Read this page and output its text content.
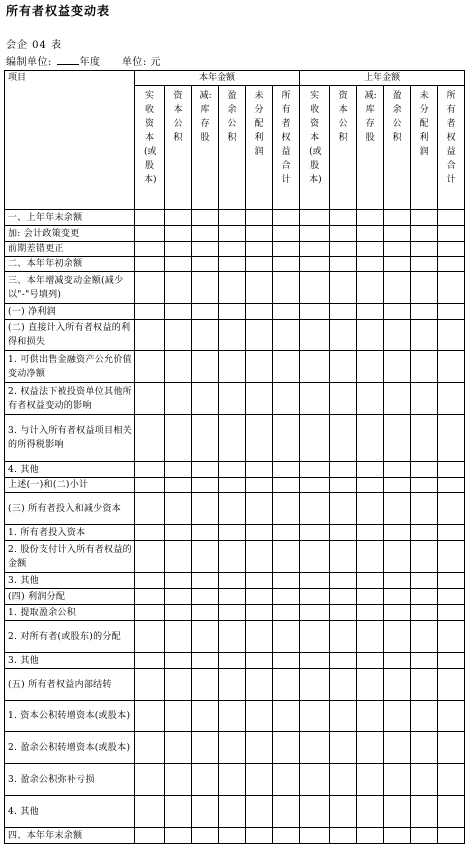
所有者权益变动表
会企 04 表
编制单位:	年度 单位: 元
项目	本年金额						上年金额					

	实收资本(或股本)	资本公积	减:库存股	盈余公积	未分配利润	所有者权益合计	实收资本(或股本)	资本公积	减:库存股	盈余公积	未分配利润	所有者权益合计

一、上年年末余额												
加: 会计政策变更												
前期差错更正												
二、本年年初余额												
三、本年增减变动金额(减少以"-"号填列)												
(一) 净利润												
(二) 直接计入所有者权益的利得和损失												
1. 可供出售金融资产公允价值变动净额												
2. 权益法下被投资单位其他所有者权益变动的影响												
3. 与计入所有者权益项目相关的所得税影响												
4. 其他												
上述(一)和(二)小计												
(三) 所有者投入和减少资本												
1. 所有者投入资本												
2. 股份支付计入所有者权益的金额												
3. 其他												
(四) 利润分配												
1. 提取盈余公积												
2. 对所有者(或股东)的分配												
3. 其他												
(五) 所有者权益内部结转												
1. 资本公积转增资本(或股本)												
2. 盈余公积转增资本(或股本)												
3. 盈余公积弥补亏损												
4. 其他												
四、本年年末余额												
